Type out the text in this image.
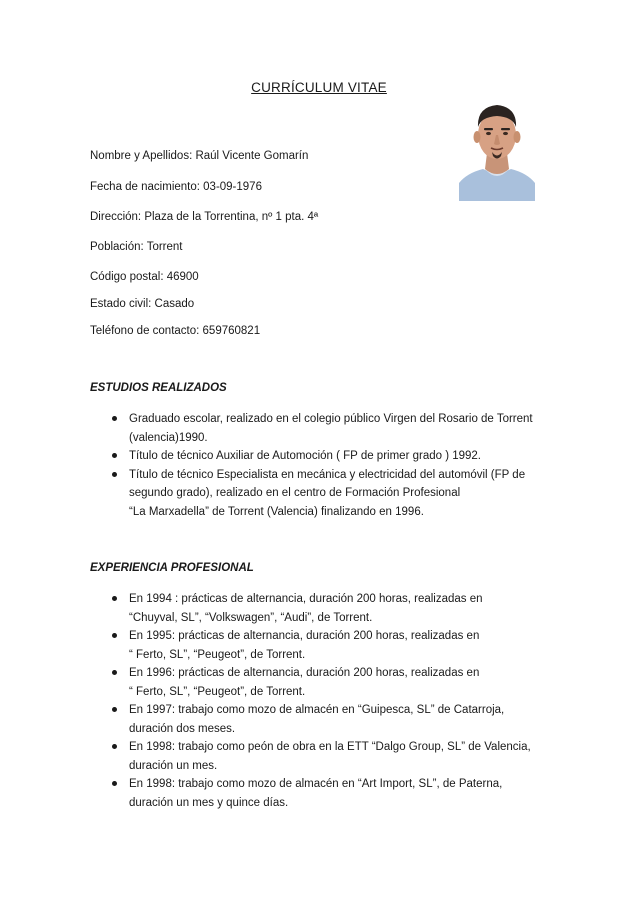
CURRÍCULUM VITAE
Nombre y Apellidos: Raúl Vicente Gomarín
Fecha de nacimiento: 03-09-1976
Dirección: Plaza de la Torrentina, nº 1 pta. 4ª
Población: Torrent
Código postal: 46900
Estado civil: Casado
Teléfono de contacto: 659760821
ESTUDIOS REALIZADOS
Graduado escolar, realizado en el colegio público Virgen del Rosario de Torrent
(valencia)1990.
Título de técnico Auxiliar de Automoción ( FP de primer grado ) 1992.
Título de técnico Especialista en mecánica y electricidad del automóvil (FP de
segundo grado), realizado en el centro de Formación Profesional
“La Marxadella” de Torrent (Valencia) finalizando en 1996.
EXPERIENCIA PROFESIONAL
En 1994 : prácticas de alternancia, duración 200 horas, realizadas en
“Chuyval, SL”, “Volkswagen”, “Audi”, de Torrent.
En 1995: prácticas de alternancia, duración 200 horas, realizadas en
“ Ferto, SL”, “Peugeot”, de Torrent.
En 1996: prácticas de alternancia, duración 200 horas, realizadas en
“ Ferto, SL”, “Peugeot”, de Torrent.
En 1997: trabajo como mozo de almacén en “Guipesca, SL” de Catarroja,
duración dos meses.
En 1998: trabajo como peón de obra en la ETT “Dalgo Group, SL” de Valencia,
duración un mes.
En 1998: trabajo como mozo de almacén en “Art Import, SL”, de Paterna,
duración un mes y quince días.
